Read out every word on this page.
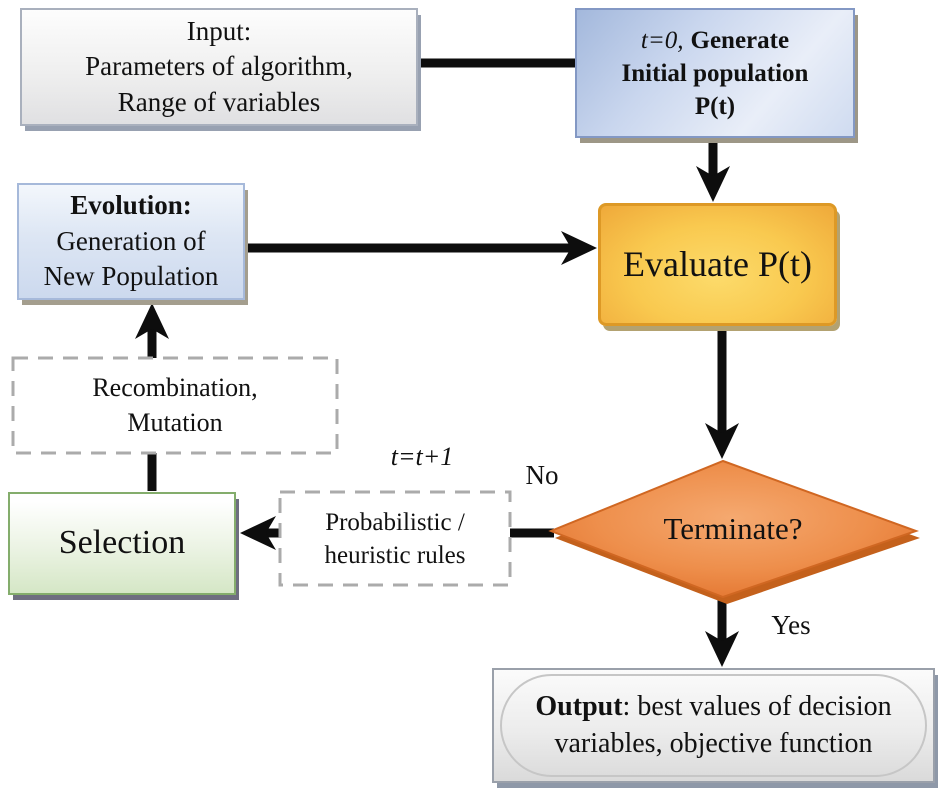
Input:
Parameters of algorithm,
Range of variables
t=0, Generate
Initial population
P(t)
Evolution:
Generation of
New Population	Evaluate P(t)
Recombination,
Mutation
Selection
Probabilistic /
heuristic rules
Terminate?
t=t+1
No
Yes
Output: best values of decision
variables, objective function
